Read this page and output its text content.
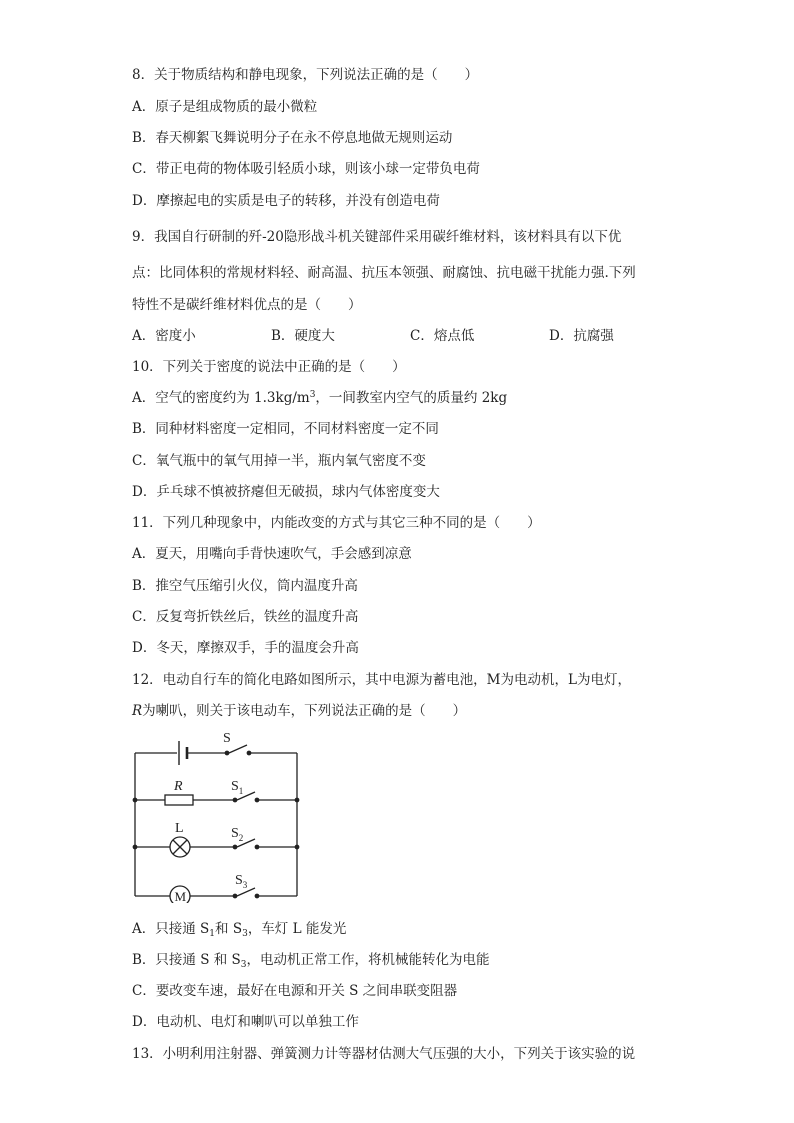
8．关于物质结构和静电现象，下列说法正确的是（　　）
A．原子是组成物质的最小微粒
B．春天柳絮飞舞说明分子在永不停息地做无规则运动
C．带正电荷的物体吸引轻质小球，则该小球一定带负电荷
D．摩擦起电的实质是电子的转移，并没有创造电荷
9．我国自行研制的歼-20隐形战斗机关键部件采用碳纤维材料，该材料具有以下优
点：比同体积的常规材料轻、耐高温、抗压本领强、耐腐蚀、抗电磁干扰能力强.下列
特性不是碳纤维材料优点的是（　　）
A．密度小	B．硬度大	C．熔点低	D．抗腐强
10．下列关于密度的说法中正确的是（　　）
A．空气的密度约为 $1.3kg/m^3$，一间教室内空气的质量约 2kg
B．同种材料密度一定相同，不同材料密度一定不同
C．氧气瓶中的氧气用掉一半，瓶内氧气密度不变
D．乒乓球不慎被挤瘪但无破损，球内气体密度变大
11．下列几种现象中，内能改变的方式与其它三种不同的是（　　）
A．夏天，用嘴向手背快速吹气，手会感到凉意
B．推空气压缩引火仪，筒内温度升高
C．反复弯折铁丝后，铁丝的温度升高
D．冬天，摩擦双手，手的温度会升高
12．电动自行车的简化电路如图所示，其中电源为蓄电池，M为电动机，L为电灯，
R为喇叭，则关于该电动车，下列说法正确的是（　　）
S
R	$S_1$
L	$S_2$
M
$S_3$
A．只接通 $S_1$和 $S_3$，车灯 L 能发光
B．只接通 S 和 $S_3$，电动机正常工作，将机械能转化为电能
C．要改变车速，最好在电源和开关 S 之间串联变阻器
D．电动机、电灯和喇叭可以单独工作
13．小明利用注射器、弹簧测力计等器材估测大气压强的大小，下列关于该实验的说
